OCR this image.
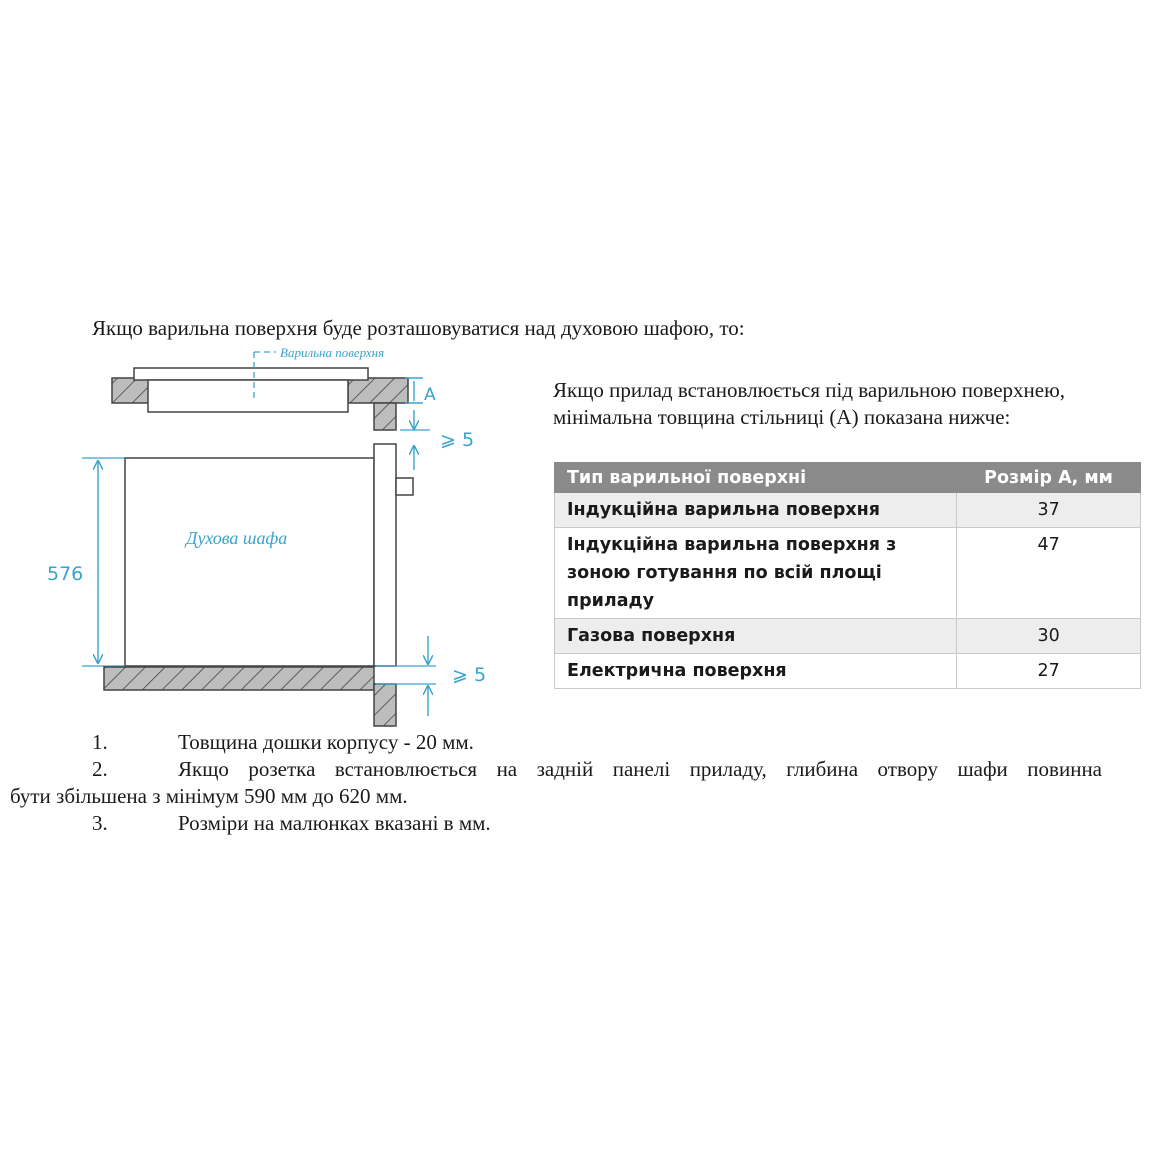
Якщо варильна поверхня буде розташовуватися над духовою шафою, то:
Варильна поверхня
A
⩾ 5
Духова шафа
576
⩾ 5
Якщо прилад встановлюється під варильною поверхнею,
мінімальна товщина стільниці (А) показана нижче:
Тип варильної поверхні	Розмір А, мм
Індукційна варильна поверхня	37
Індукційна варильна поверхня з зоною готування по всій площі приладу	47
Газова поверхня	30
Електрична поверхня	27
1.	Товщина дошки корпусу - 20 мм.
2.	Якщо розетка встановлюється на задній панелі приладу, глибина отвору шафи повинна
бути збільшена з мінімум 590 мм до 620 мм.
3.	Розміри на малюнках вказані в мм.
